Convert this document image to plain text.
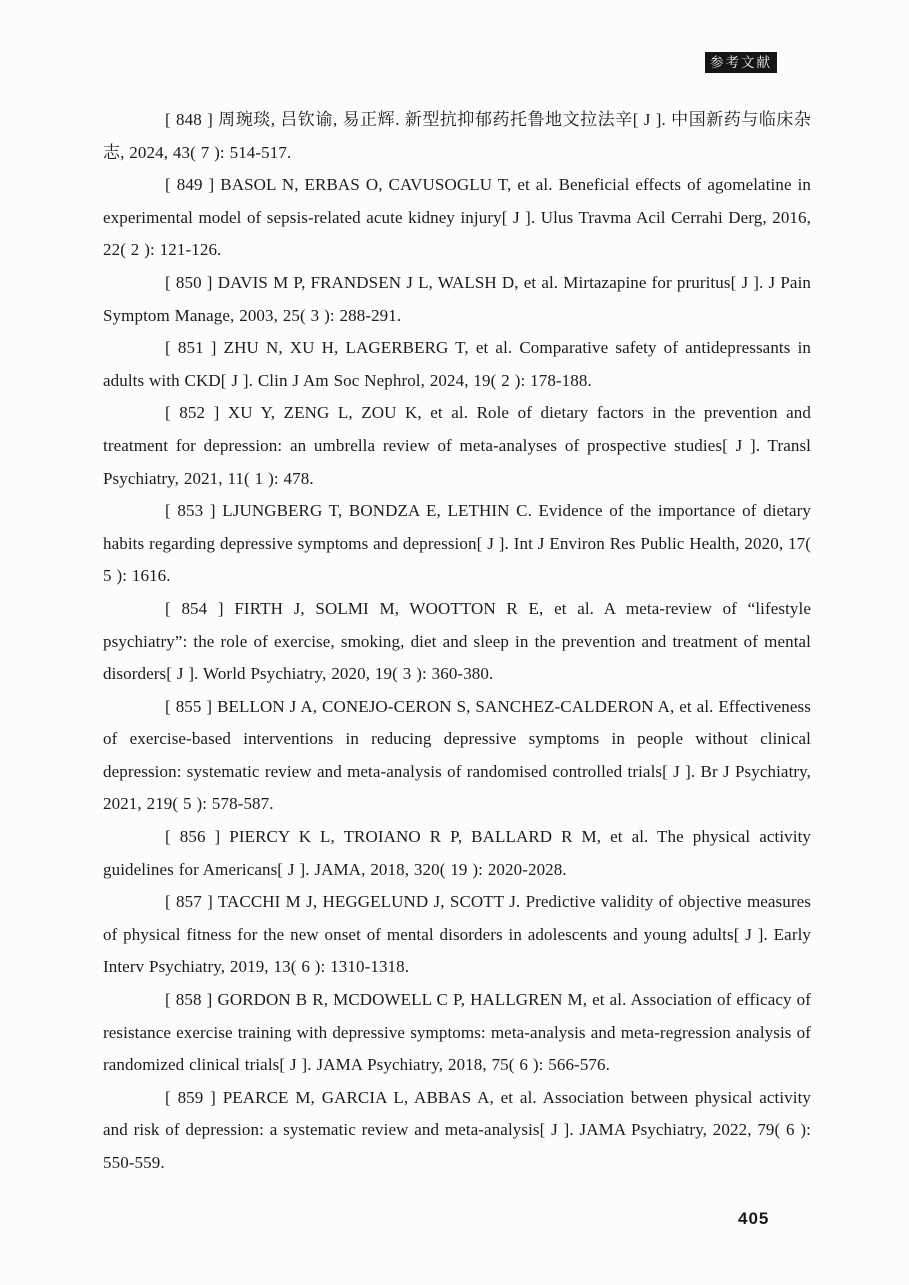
参考文献

[ 848 ] 周琬琰, 吕钦谕, 易正辉. 新型抗抑郁药托鲁地文拉法辛[ J ]. 中国新药与临床杂志, 2024, 43( 7 ): 514-517.

[ 849 ] BASOL N, ERBAS O, CAVUSOGLU T, et al. Beneficial effects of agomelatine in experimental model of sepsis-related acute kidney injury[ J ]. Ulus Travma Acil Cerrahi Derg, 2016, 22( 2 ): 121-126.

[ 850 ] DAVIS M P, FRANDSEN J L, WALSH D, et al. Mirtazapine for pruritus[ J ]. J Pain Symptom Manage, 2003, 25( 3 ): 288-291.

[ 851 ] ZHU N, XU H, LAGERBERG T, et al. Comparative safety of antidepressants in adults with CKD[ J ]. Clin J Am Soc Nephrol, 2024, 19( 2 ): 178-188.

[ 852 ] XU Y, ZENG L, ZOU K, et al. Role of dietary factors in the prevention and treatment for depression: an umbrella review of meta-analyses of prospective studies[ J ]. Transl Psychiatry, 2021, 11( 1 ): 478.

[ 853 ] LJUNGBERG T, BONDZA E, LETHIN C. Evidence of the importance of dietary habits regarding depressive symptoms and depression[ J ]. Int J Environ Res Public Health, 2020, 17( 5 ): 1616.

[ 854 ] FIRTH J, SOLMI M, WOOTTON R E, et al. A meta-review of “lifestyle psychiatry”: the role of exercise, smoking, diet and sleep in the prevention and treatment of mental disorders[ J ]. World Psychiatry, 2020, 19( 3 ): 360-380.

[ 855 ] BELLON J A, CONEJO-CERON S, SANCHEZ-CALDERON A, et al. Effectiveness of exercise-based interventions in reducing depressive symptoms in people without clinical depression: systematic review and meta-analysis of randomised controlled trials[ J ]. Br J Psychiatry, 2021, 219( 5 ): 578-587.

[ 856 ] PIERCY K L, TROIANO R P, BALLARD R M, et al. The physical activity guidelines for Americans[ J ]. JAMA, 2018, 320( 19 ): 2020-2028.

[ 857 ] TACCHI M J, HEGGELUND J, SCOTT J. Predictive validity of objective measures of physical fitness for the new onset of mental disorders in adolescents and young adults[ J ]. Early Interv Psychiatry, 2019, 13( 6 ): 1310-1318.

[ 858 ] GORDON B R, MCDOWELL C P, HALLGREN M, et al. Association of efficacy of resistance exercise training with depressive symptoms: meta-analysis and meta-regression analysis of randomized clinical trials[ J ]. JAMA Psychiatry, 2018, 75( 6 ): 566-576.

[ 859 ] PEARCE M, GARCIA L, ABBAS A, et al. Association between physical activity and risk of depression: a systematic review and meta-analysis[ J ]. JAMA Psychiatry, 2022, 79( 6 ): 550-559.

405
